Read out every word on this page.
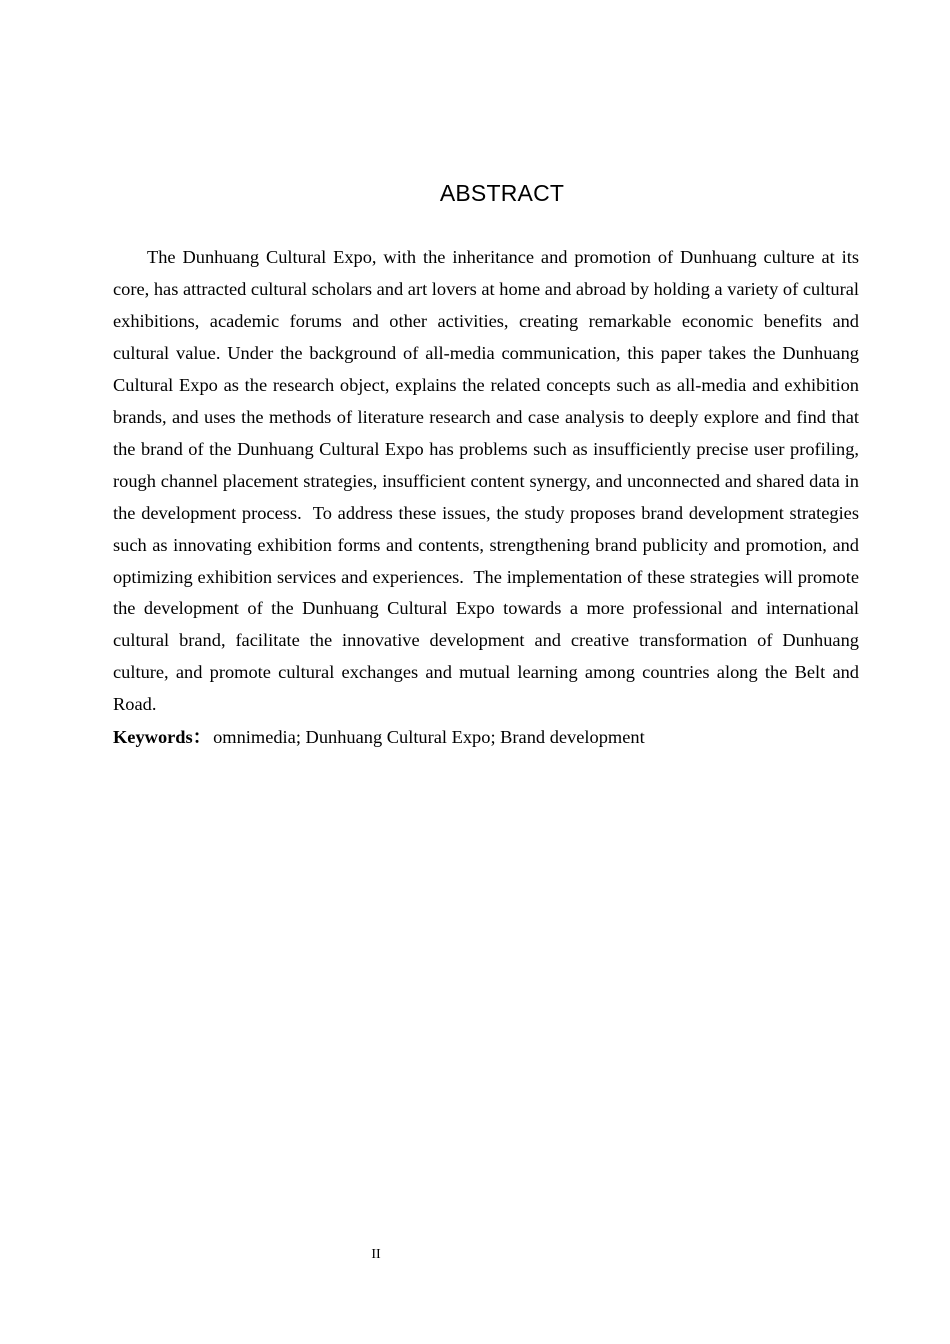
ABSTRACT

The Dunhuang Cultural Expo, with the inheritance and promotion of Dunhuang culture at its core, has attracted cultural scholars and art lovers at home and abroad by holding a variety of cultural exhibitions, academic forums and other activities, creating remarkable economic benefits and cultural value. Under the background of all-media communication, this paper takes the Dunhuang Cultural Expo as the research object, explains the related concepts such as all-media and exhibition brands, and uses the methods of literature research and case analysis to deeply explore and find that the brand of the Dunhuang Cultural Expo has problems such as insufficiently precise user profiling, rough channel placement strategies, insufficient content synergy, and unconnected and shared data in the development process.  To address these issues, the study proposes brand development strategies such as innovating exhibition forms and contents, strengthening brand publicity and promotion, and optimizing exhibition services and experiences.  The implementation of these strategies will promote the development of the Dunhuang Cultural Expo towards a more professional and international cultural brand, facilitate the innovative development and creative transformation of Dunhuang culture, and promote cultural exchanges and mutual learning among countries along the Belt and Road.

Keywords： omnimedia; Dunhuang Cultural Expo; Brand development

II
